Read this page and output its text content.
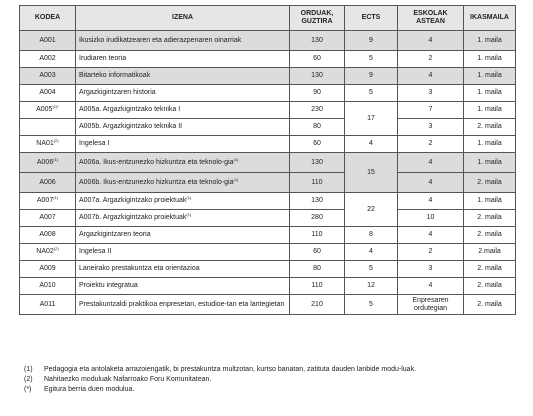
KODEA	IZENA	ORDUAK, GUZTIRA	ECTS	ESKOLAK ASTEAN	IKASMAILA
A001	Ikusizko irudikatzearen eta adierazpenaren oinarriak	130	9	4	1. maila
A002	Irudiaren teoria	60	5	2	1. maila
A003	Bitarteko informatikoak	130	9	4	1. maila
A004	Argazkigintzaren historia	90	5	3	1. maila
$A005^{(1)*}$	A005a. Argazkigintzako teknika I	230	17	7	1. maila
	A005b. Argazkigintzako teknika II	80		3	2. maila
NA01$^{(2)}$	Ingelesa I	60	4	2	1. maila
A006$^{(1)}$	A006a. Ikus-entzunezko hizkuntza eta teknolo-gia$^{(1)}$	130	15	4	1. maila
A006	A006b. Ikus-entzunezko hizkuntza eta teknolo-gia$^{(1)}$	110		4	2. maila
A007$^{(1)}$	A007a. Argazkigintzako proiektuak$^{(1)}$	130	22	4	1. maila
A007	A007b. Argazkigintzako proiektuak$^{(1)}$	280		10	2. maila
A008	Argazkigintzaren teoria	110	8	4	2. maila
NA02$^{(2)}$	Ingelesa II	60	4	2	2.maila
A009	Laneirako prestakuntza eta orientazioa	80	5	3	2. maila
A010	Proiektu integratua	110	12	4	2. maila
A011	Prestakuntzaldi praktikoa enpresetan, estudioe-tan eta lantegietan	210	5	Enpresaren ordutegian	2. maila
(1) Pedagogia eta antolaketa arrazoiengatik, bi prestakuntza multzotan, kurtso banatan, zatituta dauden lanbide modu-luak.
(2) Nahitaezko moduluak Nafarroako Foru Komunitatean.
(*) Egitura berria duen modulua.
